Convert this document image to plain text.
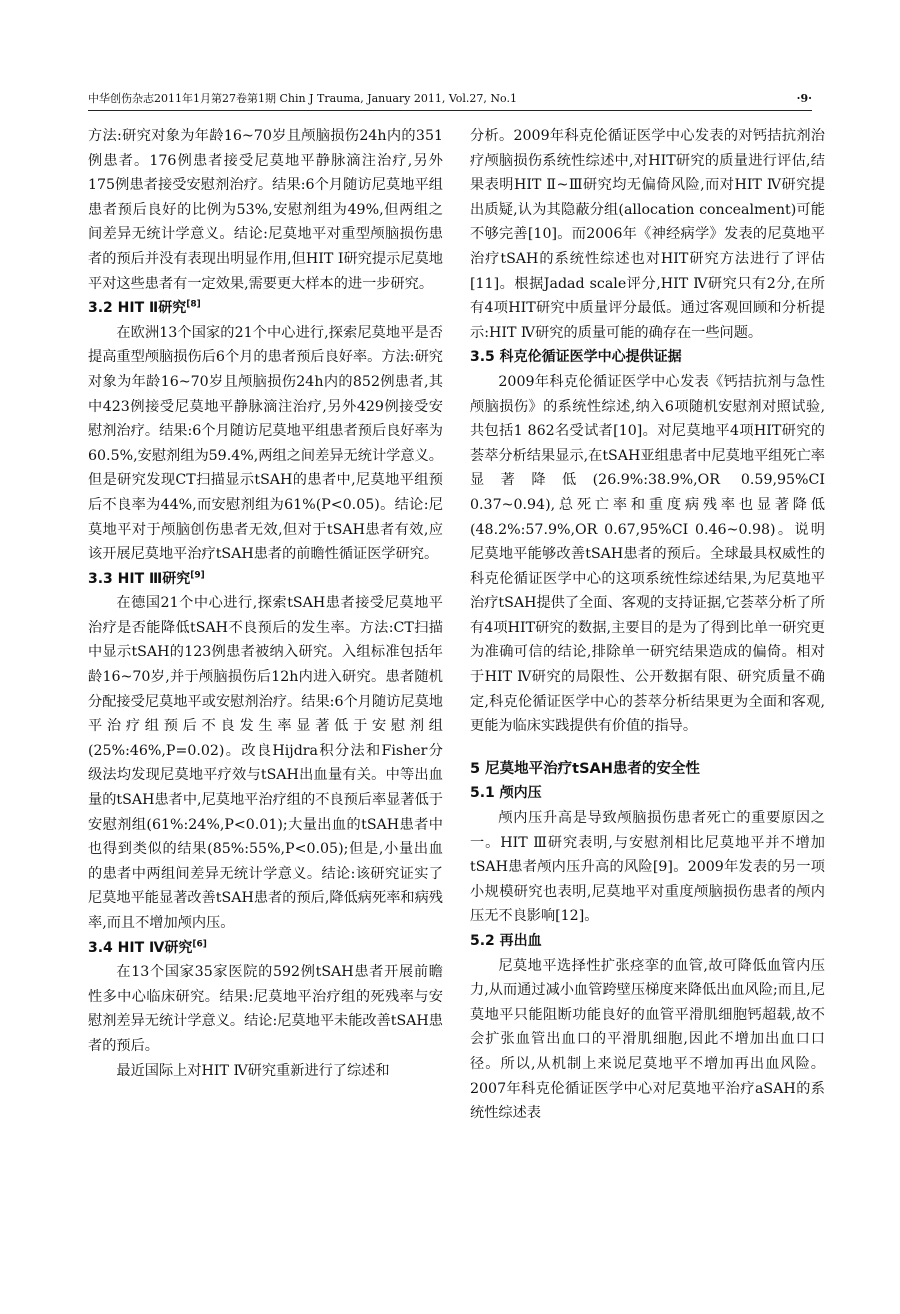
中华创伤杂志2011年1月第27卷第1期 Chin J Trauma, January 2011, Vol.27, No.1	·9·
方法:研究对象为年龄16~70岁且颅脑损伤24h内的351例患者。176例患者接受尼莫地平静脉滴注治疗,另外175例患者接受安慰剂治疗。结果:6个月随访尼莫地平组患者预后良好的比例为53%,安慰剂组为49%,但两组之间差异无统计学意义。结论:尼莫地平对重型颅脑损伤患者的预后并没有表现出明显作用,但HIT Ⅰ研究提示尼莫地平对这些患者有一定效果,需要更大样本的进一步研究。
3.2 HIT Ⅱ研究[8]
在欧洲13个国家的21个中心进行,探索尼莫地平是否提高重型颅脑损伤后6个月的患者预后良好率。方法:研究对象为年龄16~70岁且颅脑损伤24h内的852例患者,其中423例接受尼莫地平静脉滴注治疗,另外429例接受安慰剂治疗。结果:6个月随访尼莫地平组患者预后良好率为60.5%,安慰剂组为59.4%,两组之间差异无统计学意义。但是研究发现CT扫描显示tSAH的患者中,尼莫地平组预后不良率为44%,而安慰剂组为61%(P<0.05)。结论:尼莫地平对于颅脑创伤患者无效,但对于tSAH患者有效,应该开展尼莫地平治疗tSAH患者的前瞻性循证医学研究。
3.3 HIT Ⅲ研究[9]
在德国21个中心进行,探索tSAH患者接受尼莫地平治疗是否能降低tSAH不良预后的发生率。方法:CT扫描中显示tSAH的123例患者被纳入研究。入组标准包括年龄16~70岁,并于颅脑损伤后12h内进入研究。患者随机分配接受尼莫地平或安慰剂治疗。结果:6个月随访尼莫地平治疗组预后不良发生率显著低于安慰剂组(25%:46%,P=0.02)。改良Hijdra积分法和Fisher分级法均发现尼莫地平疗效与tSAH出血量有关。中等出血量的tSAH患者中,尼莫地平治疗组的不良预后率显著低于安慰剂组(61%:24%,P<0.01);大量出血的tSAH患者中也得到类似的结果(85%:55%,P<0.05);但是,小量出血的患者中两组间差异无统计学意义。结论:该研究证实了尼莫地平能显著改善tSAH患者的预后,降低病死率和病残率,而且不增加颅内压。
3.4 HIT Ⅳ研究[6]
在13个国家35家医院的592例tSAH患者开展前瞻性多中心临床研究。结果:尼莫地平治疗组的死残率与安慰剂差异无统计学意义。结论:尼莫地平未能改善tSAH患者的预后。
最近国际上对HIT Ⅳ研究重新进行了综述和
分析。2009年科克伦循证医学中心发表的对钙拮抗剂治疗颅脑损伤系统性综述中,对HIT研究的质量进行评估,结果表明HIT Ⅱ~Ⅲ研究均无偏倚风险,而对HIT Ⅳ研究提出质疑,认为其隐蔽分组(allocation concealment)可能不够完善[10]。而2006年《神经病学》发表的尼莫地平治疗tSAH的系统性综述也对HIT研究方法进行了评估[11]。根据Jadad scale评分,HIT Ⅳ研究只有2分,在所有4项HIT研究中质量评分最低。通过客观回顾和分析提示:HIT Ⅳ研究的质量可能的确存在一些问题。
3.5 科克伦循证医学中心提供证据
2009年科克伦循证医学中心发表《钙拮抗剂与急性颅脑损伤》的系统性综述,纳入6项随机安慰剂对照试验,共包括1 862名受试者[10]。对尼莫地平4项HIT研究的荟萃分析结果显示,在tSAH亚组患者中尼莫地平组死亡率显著降低(26.9%:38.9%,OR 0.59,95%CI 0.37~0.94),总死亡率和重度病残率也显著降低(48.2%:57.9%,OR 0.67,95%CI 0.46~0.98)。说明尼莫地平能够改善tSAH患者的预后。全球最具权威性的科克伦循证医学中心的这项系统性综述结果,为尼莫地平治疗tSAH提供了全面、客观的支持证据,它荟萃分析了所有4项HIT研究的数据,主要目的是为了得到比单一研究更为准确可信的结论,排除单一研究结果造成的偏倚。相对于HIT Ⅳ研究的局限性、公开数据有限、研究质量不确定,科克伦循证医学中心的荟萃分析结果更为全面和客观,更能为临床实践提供有价值的指导。
5 尼莫地平治疗tSAH患者的安全性
5.1 颅内压
颅内压升高是导致颅脑损伤患者死亡的重要原因之一。HIT Ⅲ研究表明,与安慰剂相比尼莫地平并不增加tSAH患者颅内压升高的风险[9]。2009年发表的另一项小规模研究也表明,尼莫地平对重度颅脑损伤患者的颅内压无不良影响[12]。
5.2 再出血
尼莫地平选择性扩张痉挛的血管,故可降低血管内压力,从而通过减小血管跨壁压梯度来降低出血风险;而且,尼莫地平只能阻断功能良好的血管平滑肌细胞钙超载,故不会扩张血管出血口的平滑肌细胞,因此不增加出血口口径。所以,从机制上来说尼莫地平不增加再出血风险。2007年科克伦循证医学中心对尼莫地平治疗aSAH的系统性综述表
